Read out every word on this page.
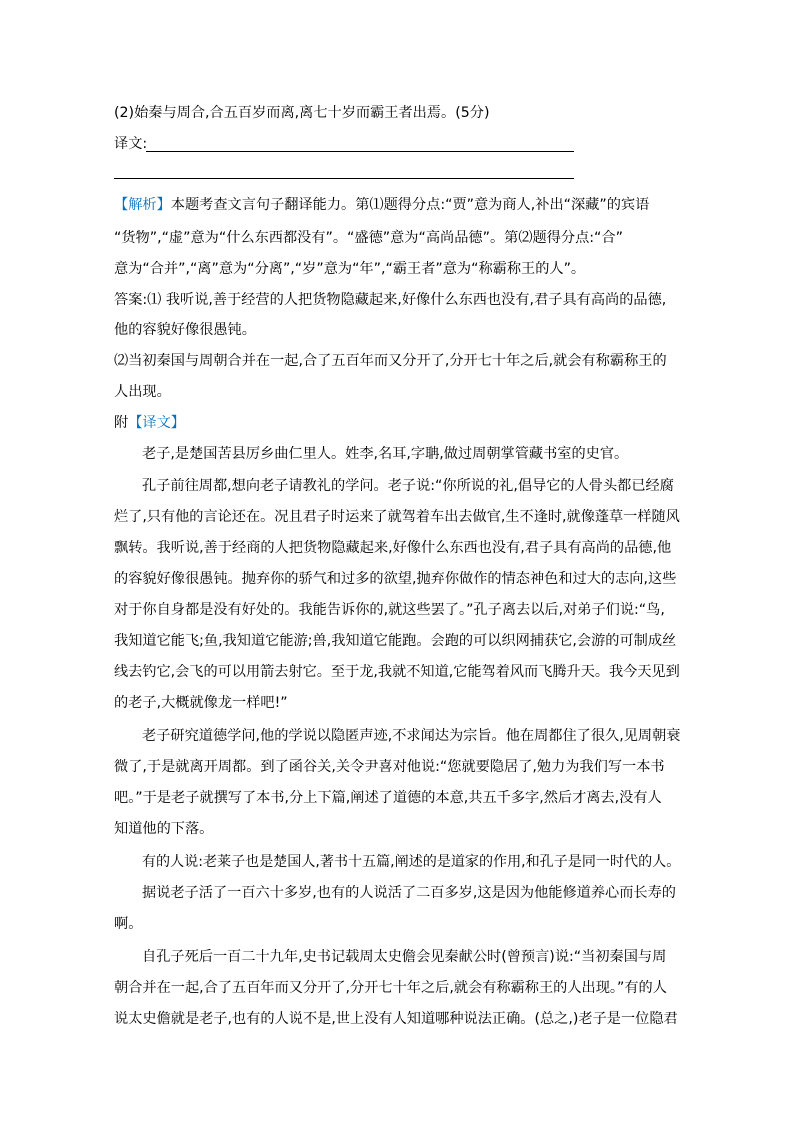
(2)始秦与周合,合五百岁而离,离七十岁而霸王者出焉。(5分)
译文:
【解析】本题考查文言句子翻译能力。第⑴题得分点:“贾”意为商人,补出“深藏”的宾语
“货物”,“虚”意为“什么东西都没有”。“盛德”意为“高尚品德”。第⑵题得分点:“合”
意为“合并”,“离”意为“分离”,“岁”意为“年”,“霸王者”意为“称霸称王的人”。
答案:⑴ 我听说,善于经营的人把货物隐藏起来,好像什么东西也没有,君子具有高尚的品德,
他的容貌好像很愚钝。
⑵当初秦国与周朝合并在一起,合了五百年而又分开了,分开七十年之后,就会有称霸称王的
人出现。
附【译文】
老子,是楚国苦县厉乡曲仁里人。姓李,名耳,字聃,做过周朝掌管藏书室的史官。
孔子前往周都,想向老子请教礼的学问。老子说:“你所说的礼,倡导它的人骨头都已经腐
烂了,只有他的言论还在。况且君子时运来了就驾着车出去做官,生不逢时,就像蓬草一样随风
飘转。我听说,善于经商的人把货物隐藏起来,好像什么东西也没有,君子具有高尚的品德,他
的容貌好像很愚钝。抛弃你的骄气和过多的欲望,抛弃你做作的情态神色和过大的志向,这些
对于你自身都是没有好处的。我能告诉你的,就这些罢了。”孔子离去以后,对弟子们说:“鸟,
我知道它能飞;鱼,我知道它能游;兽,我知道它能跑。会跑的可以织网捕获它,会游的可制成丝
线去钓它,会飞的可以用箭去射它。至于龙,我就不知道,它能驾着风而飞腾升天。我今天见到
的老子,大概就像龙一样吧!”
老子研究道德学问,他的学说以隐匿声迹,不求闻达为宗旨。他在周都住了很久,见周朝衰
微了,于是就离开周都。到了函谷关,关令尹喜对他说:“您就要隐居了,勉力为我们写一本书
吧。”于是老子就撰写了本书,分上下篇,阐述了道德的本意,共五千多字,然后才离去,没有人
知道他的下落。
有的人说:老莱子也是楚国人,著书十五篇,阐述的是道家的作用,和孔子是同一时代的人。
据说老子活了一百六十多岁,也有的人说活了二百多岁,这是因为他能修道养心而长寿的
啊。
自孔子死后一百二十九年,史书记载周太史儋会见秦献公时(曾预言)说:“当初秦国与周
朝合并在一起,合了五百年而又分开了,分开七十年之后,就会有称霸称王的人出现。”有的人
说太史儋就是老子,也有的人说不是,世上没有人知道哪种说法正确。(总之,)老子是一位隐君
